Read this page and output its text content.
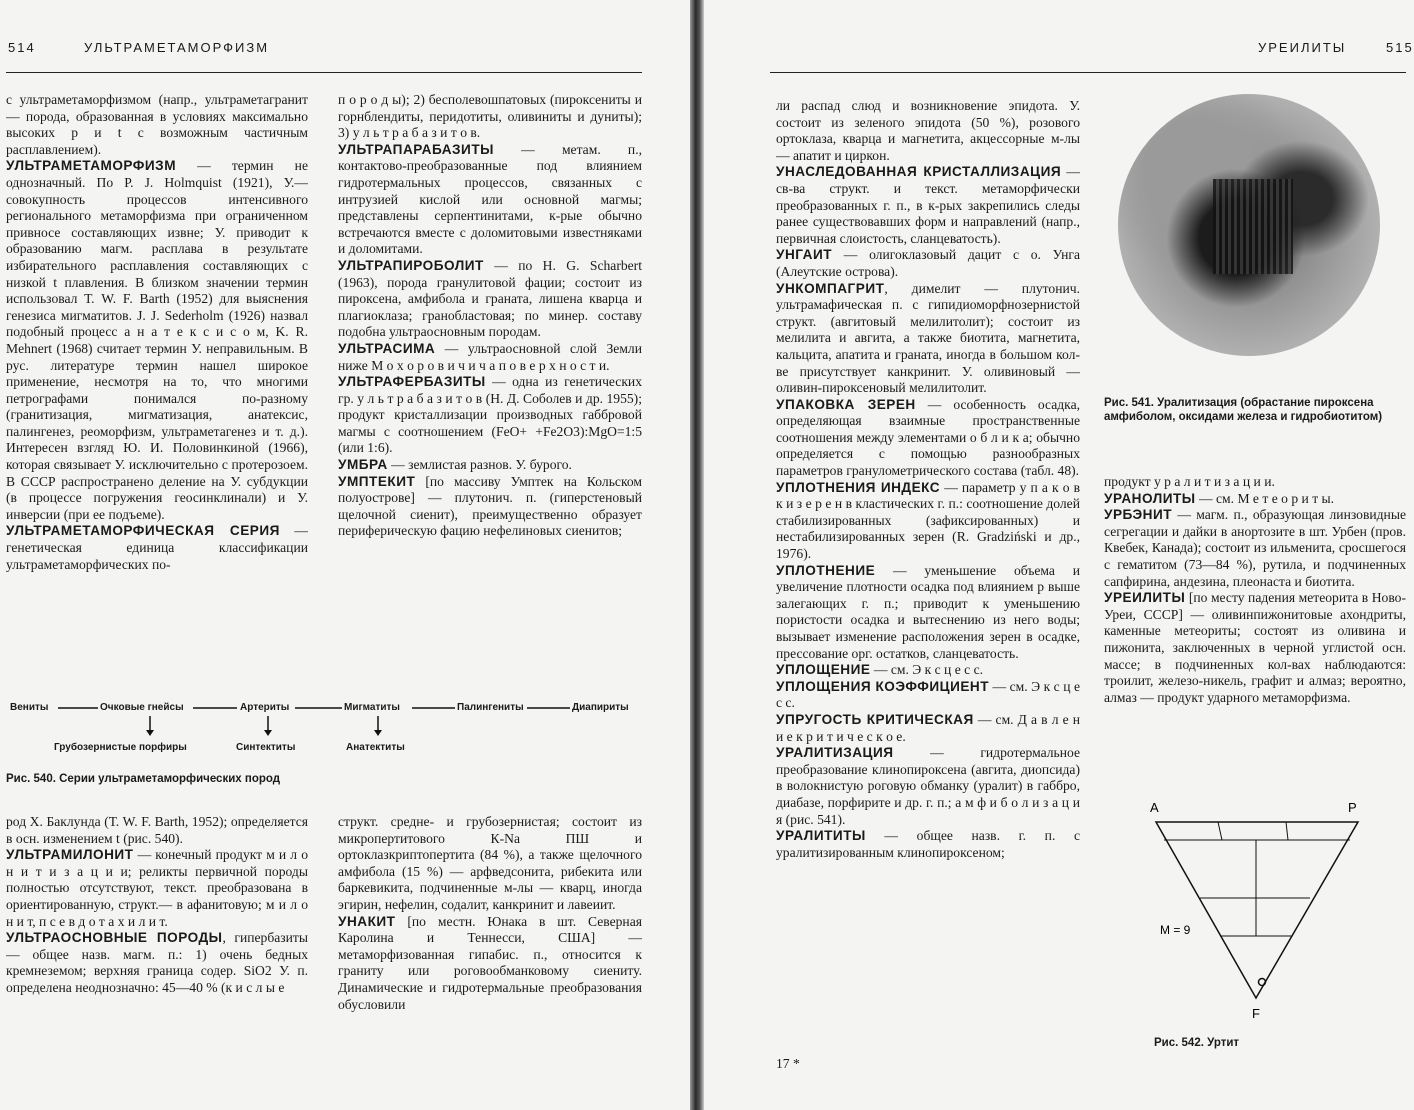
514	УЛЬТРАМЕТАМОРФИЗМ

с ультраметаморфизмом (напр., ультраметагранит — порода, образованная в условиях максимально высоких p и t с возможным частичным расплавлением).

УЛЬТРАМЕТАМОРФИЗМ — термин не однозначный. По Р. J. Holmquist (1921), У.— совокупность процессов интенсивного регионального метаморфизма при ограниченном привносе составляющих извне; У. приводит к образованию магм. расплава в результате избирательного расплавления составляющих с низкой t плавления. В близком значении термин использовал Т. W. F. Barth (1952) для выяснения генезиса мигматитов. J. J. Sederholm (1926) назвал подобный процесс а н а т е к с и с о м, K. R. Mehnert (1968) считает термин У. неправильным. В рус. литературе термин нашел широкое применение, несмотря на то, что многими петрографами понимался по-разному (гранитизация, мигматизация, анатексис, палингенез, реоморфизм, ультраметагенез и т. д.). Интересен взгляд Ю. И. Половинкиной (1966), которая связывает У. исключительно с протерозоем. В СССР распространено деление на У. субдукции (в процессе погружения геосинклинали) и У. инверсии (при ее подъеме).

УЛЬТРАМЕТАМОРФИЧЕСКАЯ СЕРИЯ — генетическая единица классификации ультраметаморфических по-

п о р о д ы); 2) бесполевошпатовых (пироксениты и горнблендиты, перидотиты, оливиниты и дуниты); 3) у л ь т р а б а з и т о в.

УЛЬТРАПАРАБАЗИТЫ — метам. п., контактово-преобразованные под влиянием гидротермальных процессов, связанных с интрузией кислой или основной магмы; представлены серпентинитами, к-рые обычно встречаются вместе с доломитовыми известняками и доломитами.

УЛЬТРАПИРОБОЛИТ — по Н. G. Scharbert (1963), порода гранулитовой фации; состоит из пироксена, амфибола и граната, лишена кварца и плагиоклаза; гранобластовая; по минер. составу подобна ультраосновным породам.

УЛЬТРАСИМА — ультраосновной слой Земли ниже М о х о р о в и ч и ч а п о в е р х н о с т и.

УЛЬТРАФЕРБАЗИТЫ — одна из генетических гр. у л ь т р а б а з и т о в (Н. Д. Соболев и др. 1955); продукт кристаллизации производных габбровой магмы с соотношением (FeO+ +Fe2O3):MgO=1:5 (или 1:6).

УМБРА — землистая разнов. У. бурого.

УМПТЕКИТ [по массиву Умптек на Кольском полуострове] — плутонич. п. (гиперстеновый щелочной сиенит), преимущественно образует периферическую фацию нефелиновых сиенитов;

Вениты	Очковые гнейсы	Артериты	Мигматиты	Палингениты	Диапириты
Грубозернистые порфиры	Синтектиты	Анатектиты
Рис. 540. Серии ультраметаморфических пород

род Х. Баклунда (Т. W. F. Barth, 1952); определяется в осн. изменением t (рис. 540).

УЛЬТРАМИЛОНИТ — конечный продукт м и л о н и т и з а ц и и; реликты первичной породы полностью отсутствуют, текст. преобразована в ориентированную, структ.— в афанитовую; м и л о н и т, п с е в д о т а х и л и т.

УЛЬТРАОСНОВНЫЕ ПОРОДЫ, гипербазиты — общее назв. магм. п.: 1) очень бедных кремнеземом; верхняя граница содер. SiO2 У. п. определена неоднозначно: 45—40 % (к и с л ы е

структ. средне- и грубозернистая; состоит из микропертитового К-Na ПШ и ортоклазкриптопертита (84 %), а также щелочного амфибола (15 %) — арфведсонита, рибекита или баркевикита, подчиненные м-лы — кварц, иногда эгирин, нефелин, содалит, канкринит и лавеиит.

УНАКИТ [по местн. Юнака в шт. Северная Каролина и Теннесси, США] — метаморфизованная гипабис. п., относится к граниту или роговообманковому сиениту. Динамические и гидротермальные преобразования обусловили

УРЕИЛИТЫ	515

ли распад слюд и возникновение эпидота. У. состоит из зеленого эпидота (50 %), розового ортоклаза, кварца и магнетита, акцессорные м-лы — апатит и циркон.

УНАСЛЕДОВАННАЯ КРИСТАЛЛИЗАЦИЯ — св-ва структ. и текст. метаморфически преобразованных г. п., в к-рых закрепились следы ранее существовавших форм и направлений (напр., первичная слоистость, сланцеватость).

УНГАИТ — олигоклазовый дацит с о. Унга (Алеутские острова).

УНКОМПАГРИТ, димелит — плутонич. ультрамафическая п. с гипидиоморфнозернистой структ. (авгитовый мелилитолит); состоит из мелилита и авгита, а также биотита, магнетита, кальцита, апатита и граната, иногда в большом кол-ве присутствует канкринит. У. оливиновый — оливин-пироксеновый мелилитолит.

УПАКОВКА ЗЕРЕН — особенность осадка, определяющая взаимные пространственные соотношения между элементами о б л и к а; обычно определяется с помощью разнообразных параметров гранулометрического состава (табл. 48).

УПЛОТНЕНИЯ ИНДЕКС — параметр у п а к о в к и з е р е н в кластических г. п.: соотношение долей стабилизированных (зафиксированных) и нестабилизированных зерен (R. Gradziński и др., 1976).

УПЛОТНЕНИЕ — уменьшение объема и увеличение плотности осадка под влиянием p выше залегающих г. п.; приводит к уменьшению пористости осадка и вытеснению из него воды; вызывает изменение расположения зерен в осадке, прессование орг. остатков, сланцеватость.

УПЛОЩЕНИЕ — см. Э к с ц е с с.

УПЛОЩЕНИЯ КОЭФФИЦИЕНТ — см. Э к с ц е с с.

УПРУГОСТЬ КРИТИЧЕСКАЯ — см. Д а в л е н и е к р и т и ч е с к о е.

УРАЛИТИЗАЦИЯ — гидротермальное преобразование клинопироксена (авгита, диопсида) в волокнистую роговую обманку (уралит) в габбро, диабазе, порфирите и др. г. п.; а м ф и б о л и з а ц и я (рис. 541).

УРАЛИТИТЫ — общее назв. г. п. с уралитизированным клинопироксеном;

17 *
Рис. 541. Уралитизация (обрастание пироксена амфиболом, оксидами железа и гидробиотитом)

продукт у р а л и т и з а ц и и.

УРАНОЛИТЫ — см. М е т е о р и т ы.

УРБЭНИТ — магм. п., образующая линзовидные сегрегации и дайки в анортозите в шт. Урбен (пров. Квебек, Канада); состоит из ильменита, сросшегося с гематитом (73—84 %), рутила, и подчиненных сапфирина, андезина, плеонаста и биотита.

УРЕИЛИТЫ [по месту падения метеорита в Ново-Уреи, СССР] — оливинпижонитовые ахондриты, каменные метеориты; состоят из оливина и пижонита, заключенных в черной углистой осн. массе; в подчиненных кол-вах наблюдаются: троилит, железо-никель, графит и алмаз; вероятно, алмаз — продукт ударного метаморфизма.

A	P
M = 9
F
Рис. 542. Уртит
